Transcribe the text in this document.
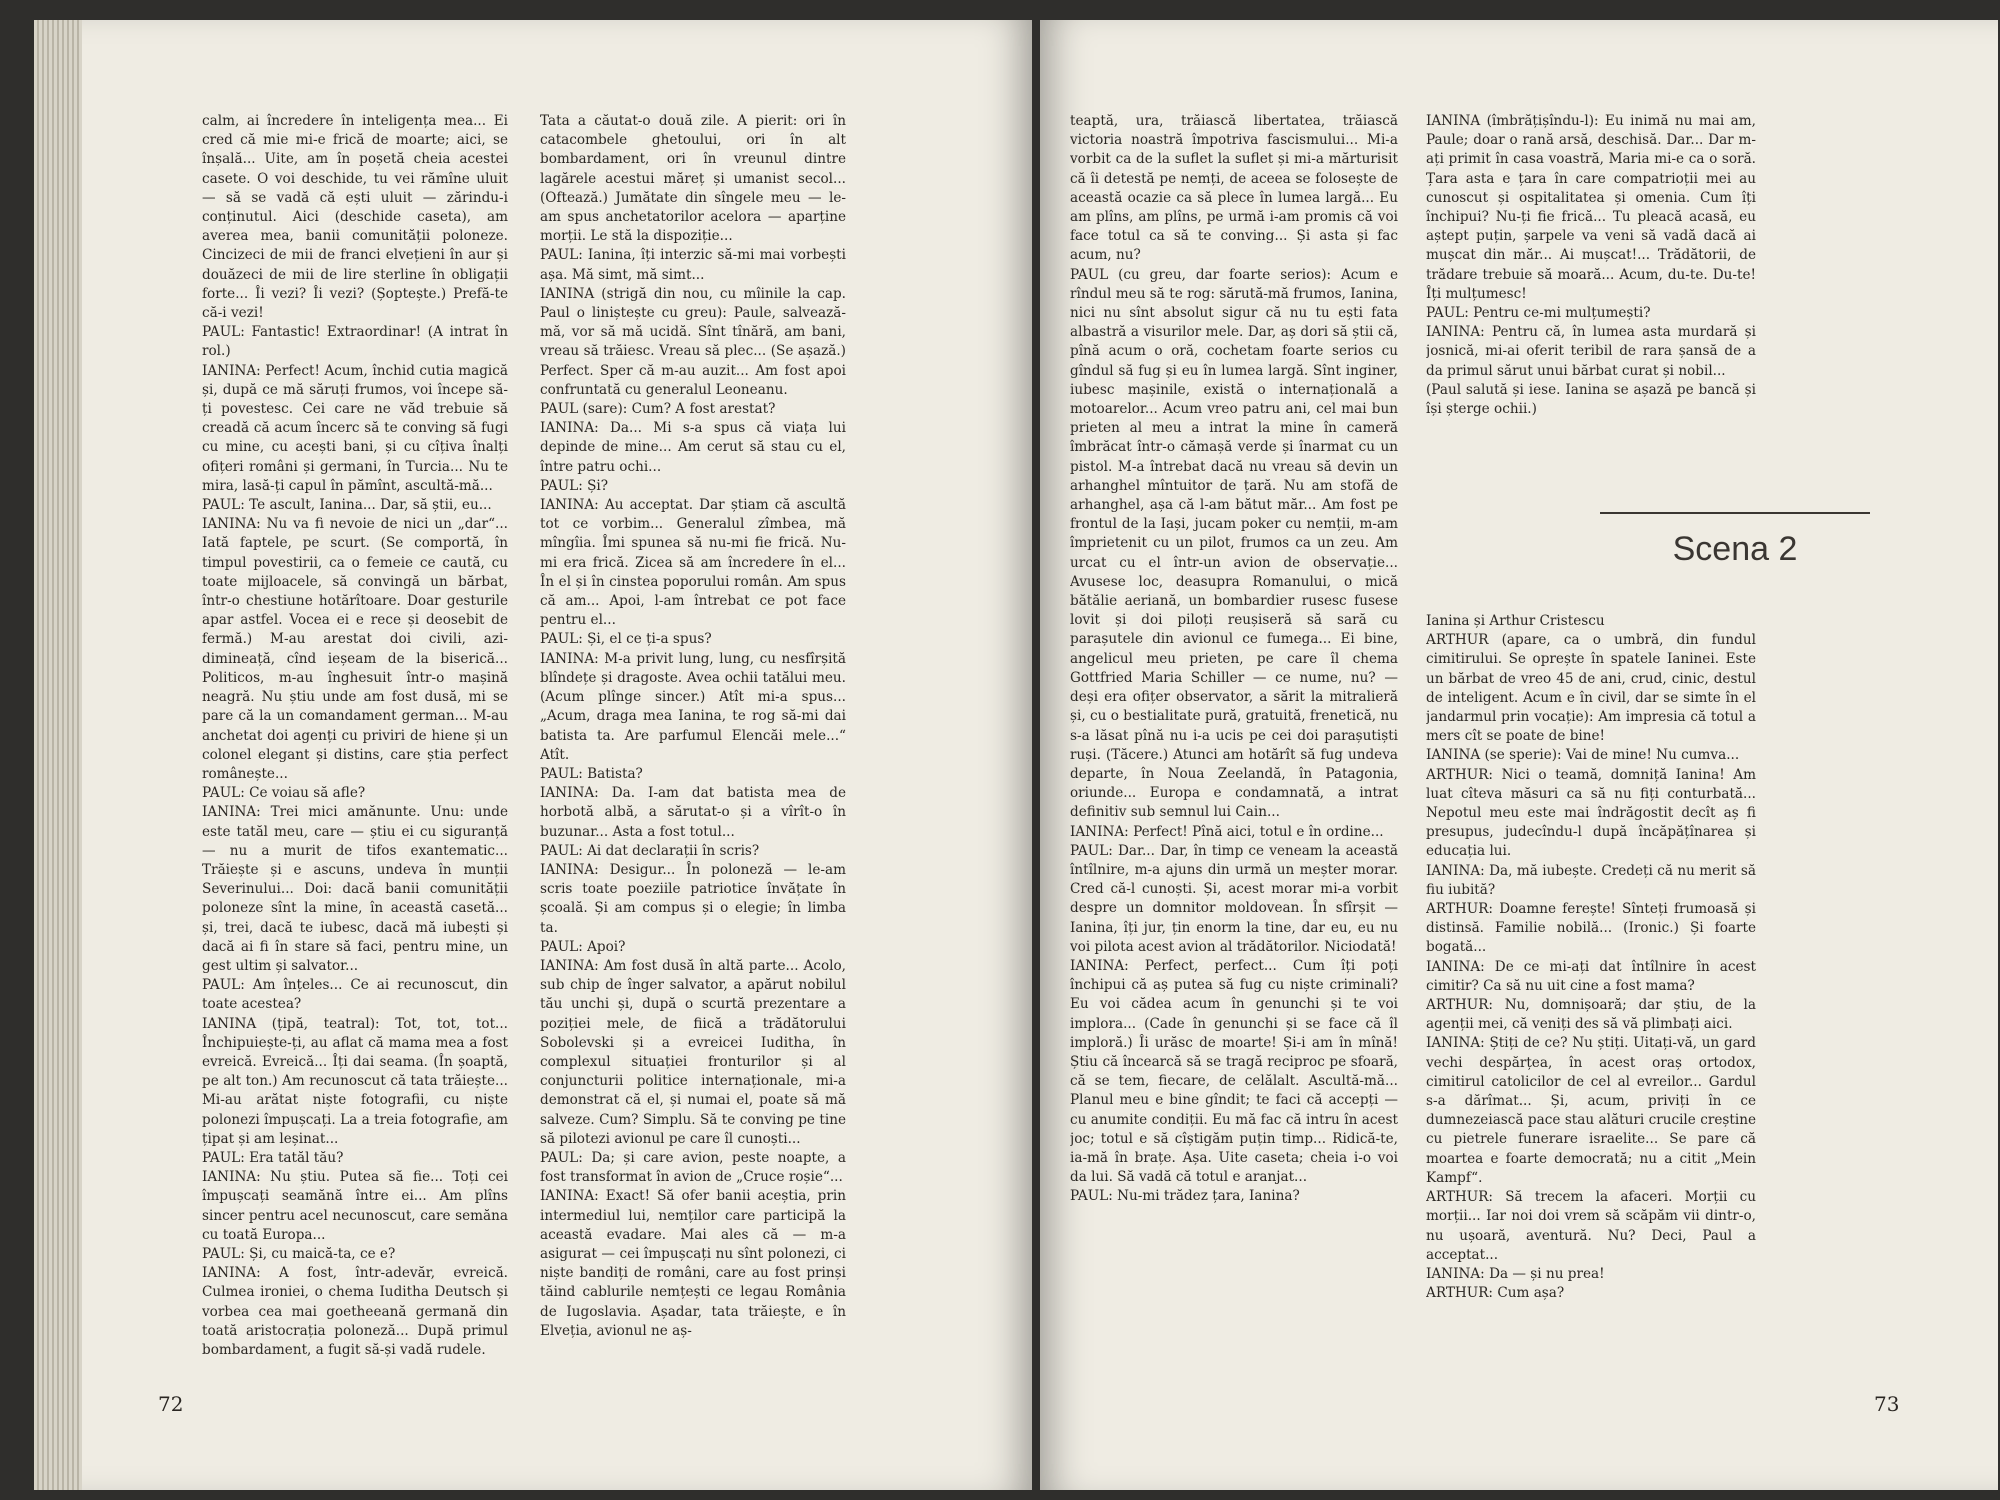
calm, ai încredere în inteligența mea... Ei cred că mie mi-e frică de moarte; aici, se înșală... Uite, am în poșetă cheia acestei casete. O voi deschide, tu vei rămîne uluit — să se vadă că ești uluit — zărindu-i conținutul. Aici (deschide caseta), am averea mea, banii comunității poloneze. Cincizeci de mii de franci elvețieni în aur și douăzeci de mii de lire sterline în obligații forte... Îi vezi? Îi vezi? (Șoptește.) Prefă-te că-i vezi!
PAUL: Fantastic! Extraordinar! (A intrat în rol.)
IANINA: Perfect! Acum, închid cutia magică și, după ce mă săruți frumos, voi începe să-ți povestesc. Cei care ne văd trebuie să creadă că acum încerc să te conving să fugi cu mine, cu acești bani, și cu cîțiva înalți ofițeri români și germani, în Turcia... Nu te mira, lasă-ți capul în pămînt, ascultă-mă...
PAUL: Te ascult, Ianina... Dar, să știi, eu...
IANINA: Nu va fi nevoie de nici un „dar“... Iată faptele, pe scurt. (Se comportă, în timpul povestirii, ca o femeie ce caută, cu toate mijloacele, să convingă un bărbat, într-o chestiune hotărîtoare. Doar gesturile apar astfel. Vocea ei e rece și deosebit de fermă.) M-au arestat doi civili, azi-dimineață, cînd ieșeam de la biserică... Politicos, m-au înghesuit într-o mașină neagră. Nu știu unde am fost dusă, mi se pare că la un comandament german... M-au anchetat doi agenți cu priviri de hiene și un colonel elegant și distins, care știa perfect românește...
PAUL: Ce voiau să afle?
IANINA: Trei mici amănunte. Unu: unde este tatăl meu, care — știu ei cu siguranță — nu a murit de tifos exantematic... Trăiește și e ascuns, undeva în munții Severinului... Doi: dacă banii comunității poloneze sînt la mine, în această casetă... și, trei, dacă te iubesc, dacă mă iubești și dacă ai fi în stare să faci, pentru mine, un gest ultim și salvator...
PAUL: Am înțeles... Ce ai recunoscut, din toate acestea?
IANINA (țipă, teatral): Tot, tot, tot... Închipuiește-ți, au aflat că mama mea a fost evreică. Evreică... Îți dai seama. (În șoaptă, pe alt ton.) Am recunoscut că tata trăiește... Mi-au arătat niște fotografii, cu niște polonezi împușcați. La a treia fotografie, am țipat și am leșinat...
PAUL: Era tatăl tău?
IANINA: Nu știu. Putea să fie... Toți cei împușcați seamănă între ei... Am plîns sincer pentru acel necunoscut, care semăna cu toată Europa...
PAUL: Și, cu maică-ta, ce e?
IANINA: A fost, într-adevăr, evreică. Culmea ironiei, o chema Iuditha Deutsch și vorbea cea mai goetheeană germană din toată aristocrația poloneză... După primul bombardament, a fugit să-și vadă rudele.
Tata a căutat-o două zile. A pierit: ori în catacombele ghetoului, ori în alt bombardament, ori în vreunul dintre lagărele acestui măreț și umanist secol... (Oftează.) Jumătate din sîngele meu — le-am spus anchetatorilor acelora — aparține morții. Le stă la dispoziție...
PAUL: Ianina, îți interzic să-mi mai vorbești așa. Mă simt, mă simt...
IANINA (strigă din nou, cu mîinile la cap. Paul o liniștește cu greu): Paule, salvează-mă, vor să mă ucidă. Sînt tînără, am bani, vreau să trăiesc. Vreau să plec... (Se așază.) Perfect. Sper că m-au auzit... Am fost apoi confruntată cu generalul Leoneanu.
PAUL (sare): Cum? A fost arestat?
IANINA: Da... Mi s-a spus că viața lui depinde de mine... Am cerut să stau cu el, între patru ochi...
PAUL: Și?
IANINA: Au acceptat. Dar știam că ascultă tot ce vorbim... Generalul zîmbea, mă mîngîia. Îmi spunea să nu-mi fie frică. Nu-mi era frică. Zicea să am încredere în el... În el și în cinstea poporului român. Am spus că am... Apoi, l-am întrebat ce pot face pentru el...
PAUL: Și, el ce ți-a spus?
IANINA: M-a privit lung, lung, cu nesfîrșită blîndețe și dragoste. Avea ochii tatălui meu. (Acum plînge sincer.) Atît mi-a spus... „Acum, draga mea Ianina, te rog să-mi dai batista ta. Are parfumul Elencăi mele...“ Atît.
PAUL: Batista?
IANINA: Da. I-am dat batista mea de horbotă albă, a sărutat-o și a vîrît-o în buzunar... Asta a fost totul...
PAUL: Ai dat declarații în scris?
IANINA: Desigur... În poloneză — le-am scris toate poeziile patriotice învățate în școală. Și am compus și o elegie; în limba ta.
PAUL: Apoi?
IANINA: Am fost dusă în altă parte... Acolo, sub chip de înger salvator, a apărut nobilul tău unchi și, după o scurtă prezentare a poziției mele, de fiică a trădătorului Sobolevski și a evreicei Iuditha, în complexul situației fronturilor și al conjuncturii politice internaționale, mi-a demonstrat că el, și numai el, poate să mă salveze. Cum? Simplu. Să te conving pe tine să pilotezi avionul pe care îl cunoști...
PAUL: Da; și care avion, peste noapte, a fost transformat în avion de „Cruce roșie“...
IANINA: Exact! Să ofer banii aceștia, prin intermediul lui, nemților care participă la această evadare. Mai ales că — m-a asigurat — cei împușcați nu sînt polonezi, ci niște bandiți de români, care au fost prinși tăind cablurile nemțești ce legau România de Iugoslavia. Așadar, tata trăiește, e în Elveția, avionul ne aș-
72
teaptă, ura, trăiască libertatea, trăiască victoria noastră împotriva fascismului... Mi-a vorbit ca de la suflet la suflet și mi-a mărturisit că îi detestă pe nemți, de aceea se folosește de această ocazie ca să plece în lumea largă... Eu am plîns, am plîns, pe urmă i-am promis că voi face totul ca să te conving... Și asta și fac acum, nu?
PAUL (cu greu, dar foarte serios): Acum e rîndul meu să te rog: sărută-mă frumos, Ianina, nici nu sînt absolut sigur că nu tu ești fata albastră a visurilor mele. Dar, aș dori să știi că, pînă acum o oră, cochetam foarte serios cu gîndul să fug și eu în lumea largă. Sînt inginer, iubesc mașinile, există o internațională a motoarelor... Acum vreo patru ani, cel mai bun prieten al meu a intrat la mine în cameră îmbrăcat într-o cămașă verde și înarmat cu un pistol. M-a întrebat dacă nu vreau să devin un arhanghel mîntuitor de țară. Nu am stofă de arhanghel, așa că l-am bătut măr... Am fost pe frontul de la Iași, jucam poker cu nemții, m-am împrietenit cu un pilot, frumos ca un zeu. Am urcat cu el într-un avion de observație... Avusese loc, deasupra Romanului, o mică bătălie aeriană, un bombardier rusesc fusese lovit și doi piloți reușiseră să sară cu parașutele din avionul ce fumega... Ei bine, angelicul meu prieten, pe care îl chema Gottfried Maria Schiller — ce nume, nu? — deși era ofițer observator, a sărit la mitralieră și, cu o bestialitate pură, gratuită, frenetică, nu s-a lăsat pînă nu i-a ucis pe cei doi parașutiști ruși. (Tăcere.) Atunci am hotărît să fug undeva departe, în Noua Zeelandă, în Patagonia, oriunde... Europa e condamnată, a intrat definitiv sub semnul lui Cain...
IANINA: Perfect! Pînă aici, totul e în ordine...
PAUL: Dar... Dar, în timp ce veneam la această întîlnire, m-a ajuns din urmă un meșter morar. Cred că-l cunoști. Și, acest morar mi-a vorbit despre un domnitor moldovean. În sfîrșit — Ianina, îți jur, țin enorm la tine, dar eu, eu nu voi pilota acest avion al trădătorilor. Niciodată!
IANINA: Perfect, perfect... Cum îți poți închipui că aș putea să fug cu niște criminali? Eu voi cădea acum în genunchi și te voi implora... (Cade în genunchi și se face că îl imploră.) Îi urăsc de moarte! Și-i am în mînă! Știu că încearcă să se tragă reciproc pe sfoară, că se tem, fiecare, de celălalt. Ascultă-mă... Planul meu e bine gîndit; te faci că accepți — cu anumite condiții. Eu mă fac că intru în acest joc; totul e să cîștigăm puțin timp... Ridică-te, ia-mă în brațe. Așa. Uite caseta; cheia i-o voi da lui. Să vadă că totul e aranjat...
PAUL: Nu-mi trădez țara, Ianina?
IANINA (îmbrățișîndu-l): Eu inimă nu mai am, Paule; doar o rană arsă, deschisă. Dar... Dar m-ați primit în casa voastră, Maria mi-e ca o soră. Țara asta e țara în care compatrioții mei au cunoscut și ospitalitatea și omenia. Cum îți închipui? Nu-ți fie frică... Tu pleacă acasă, eu aștept puțin, șarpele va veni să vadă dacă ai mușcat din măr... Ai mușcat!... Trădătorii, de trădare trebuie să moară... Acum, du-te. Du-te! Îți mulțumesc!
PAUL: Pentru ce-mi mulțumești?
IANINA: Pentru că, în lumea asta murdară și josnică, mi-ai oferit teribil de rara șansă de a da primul sărut unui bărbat curat și nobil...
(Paul salută și iese. Ianina se așază pe bancă și își șterge ochii.)
Scena 2
Ianina și Arthur Cristescu
ARTHUR (apare, ca o umbră, din fundul cimitirului. Se oprește în spatele Ianinei. Este un bărbat de vreo 45 de ani, crud, cinic, destul de inteligent. Acum e în civil, dar se simte în el jandarmul prin vocație): Am impresia că totul a mers cît se poate de bine!
IANINA (se sperie): Vai de mine! Nu cumva...
ARTHUR: Nici o teamă, domniță Ianina! Am luat cîteva măsuri ca să nu fiți conturbată... Nepotul meu este mai îndrăgostit decît aș fi presupus, judecîndu-l după încăpățînarea și educația lui.
IANINA: Da, mă iubește. Credeți că nu merit să fiu iubită?
ARTHUR: Doamne ferește! Sînteți frumoasă și distinsă. Familie nobilă... (Ironic.) Și foarte bogată...
IANINA: De ce mi-ați dat întîlnire în acest cimitir? Ca să nu uit cine a fost mama?
ARTHUR: Nu, domnișoară; dar știu, de la agenții mei, că veniți des să vă plimbați aici.
IANINA: Știți de ce? Nu știți. Uitați-vă, un gard vechi despărțea, în acest oraș ortodox, cimitirul catolicilor de cel al evreilor... Gardul s-a dărîmat... Și, acum, priviți în ce dumnezeiască pace stau alături crucile creștine cu pietrele funerare israelite... Se pare că moartea e foarte democrată; nu a citit „Mein Kampf“.
ARTHUR: Să trecem la afaceri. Morții cu morții... Iar noi doi vrem să scăpăm vii dintr-o, nu ușoară, aventură. Nu? Deci, Paul a acceptat...
IANINA: Da — și nu prea!
ARTHUR: Cum așa?
73
